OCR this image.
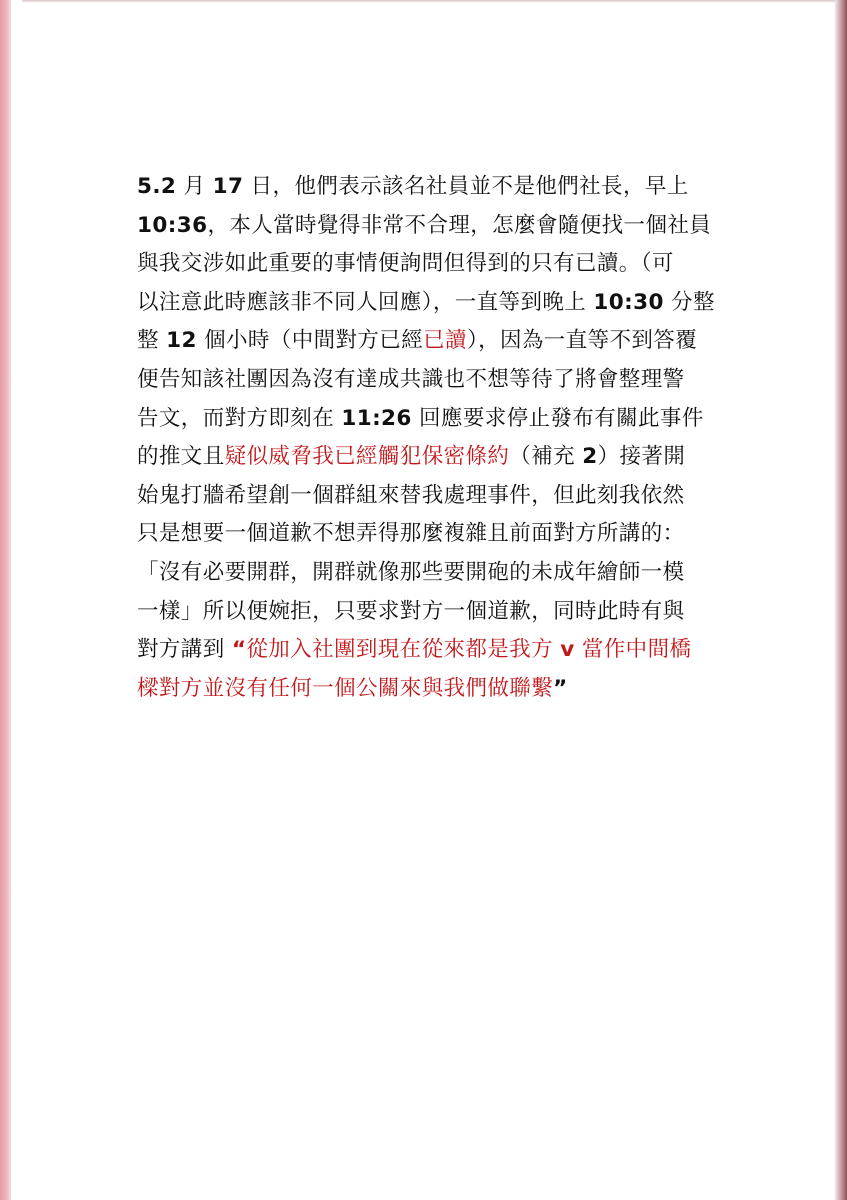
5.2 月 17 日，他們表示該名社員並不是他們社長，早上
10:36，本人當時覺得非常不合理，怎麼會隨便找一個社員
與我交涉如此重要的事情便詢問但得到的只有已讀。（可
以注意此時應該非不同人回應），一直等到晚上 10:30 分整
整 12 個小時（中間對方已經已讀），因為一直等不到答覆
便告知該社團因為沒有達成共識也不想等待了將會整理警
告文，而對方即刻在 11:26 回應要求停止發布有關此事件
的推文且疑似威脅我已經觸犯保密條約（補充 2）接著開
始鬼打牆希望創一個群組來替我處理事件，但此刻我依然
只是想要一個道歉不想弄得那麼複雜且前面對方所講的：
「沒有必要開群，開群就像那些要開砲的未成年繪師一模
一樣」所以便婉拒，只要求對方一個道歉，同時此時有與
對方講到 “從加入社團到現在從來都是我方 v 當作中間橋
樑對方並沒有任何一個公關來與我們做聯繫”
